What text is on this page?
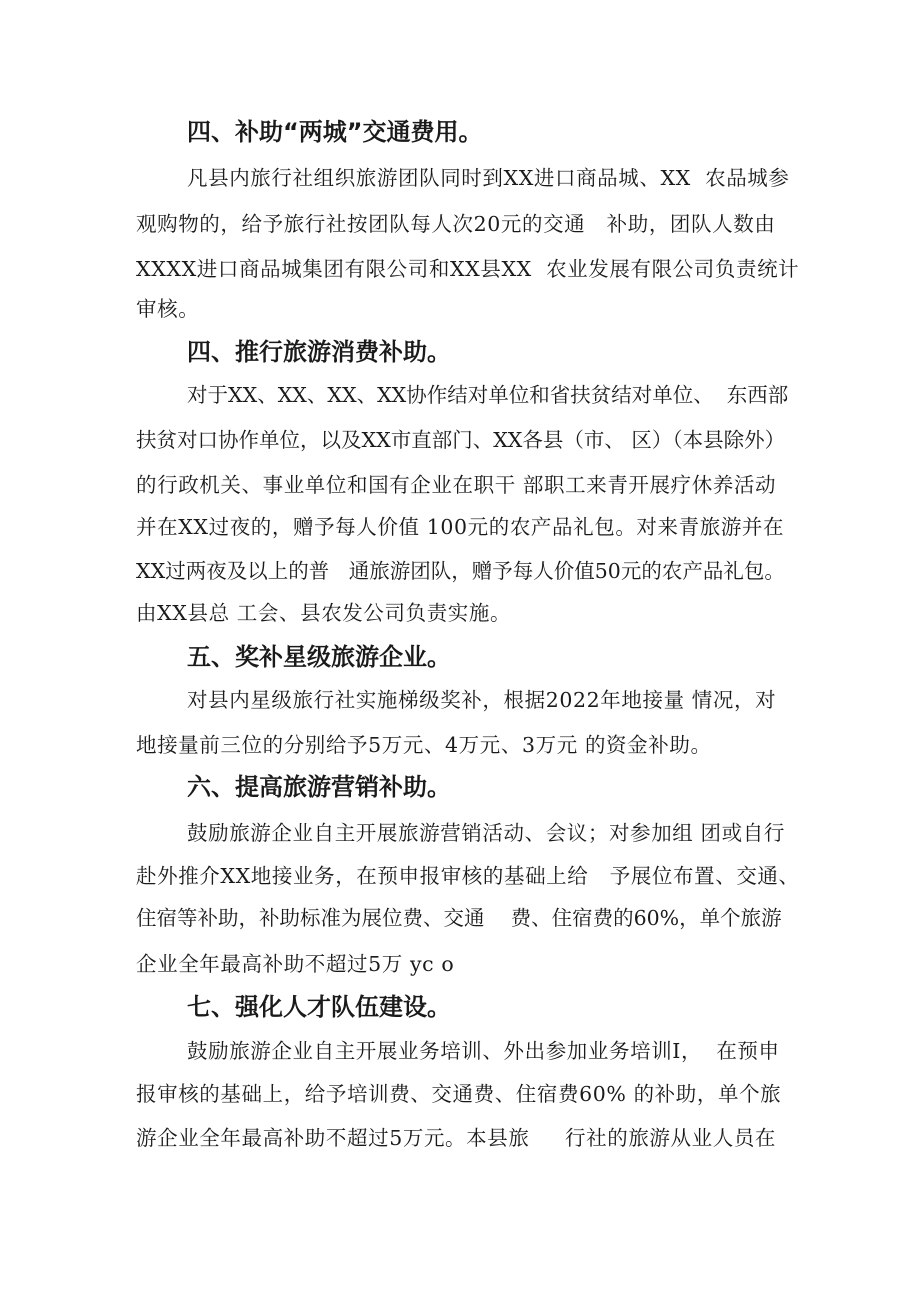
四、补助“两城”交通费用。
凡县内旅行社组织旅游团队同时到XX进口商品城、XX  农品城参
观购物的，给予旅行社按团队每人次20元的交通   补助，团队人数由
XXXX进口商品城集团有限公司和XX县XX  农业发展有限公司负责统计
审核。
四、推行旅游消费补助。
对于XX、XX、XX、XX协作结对单位和省扶贫结对单位、  东西部
扶贫对口协作单位，以及XX市直部门、XX各县（市、 区）（本县除外）
的行政机关、事业单位和国有企业在职干 部职工来青开展疗休养活动
并在XX过夜的，赠予每人价值 100元的农产品礼包。对来青旅游并在
XX过两夜及以上的普   通旅游团队，赠予每人价值50元的农产品礼包。
由XX县总 工会、县农发公司负责实施。
五、奖补星级旅游企业。
对县内星级旅行社实施梯级奖补，根据2022年地接量 情况，对
地接量前三位的分别给予5万元、4万元、3万元 的资金补助。
六、提高旅游营销补助。
鼓励旅游企业自主开展旅游营销活动、会议；对参加组 团或自行
赴外推介XX地接业务，在预申报审核的基础上给   予展位布置、交通、
住宿等补助，补助标准为展位费、交通    费、住宿费的60%，单个旅游
企业全年最高补助不超过5万 yc o
七、强化人才队伍建设。
鼓励旅游企业自主开展业务培训、外出参加业务培训I，  在预申
报审核的基础上，给予培训费、交通费、住宿费60% 的补助，单个旅
游企业全年最高补助不超过5万元。本县旅     行社的旅游从业人员在
